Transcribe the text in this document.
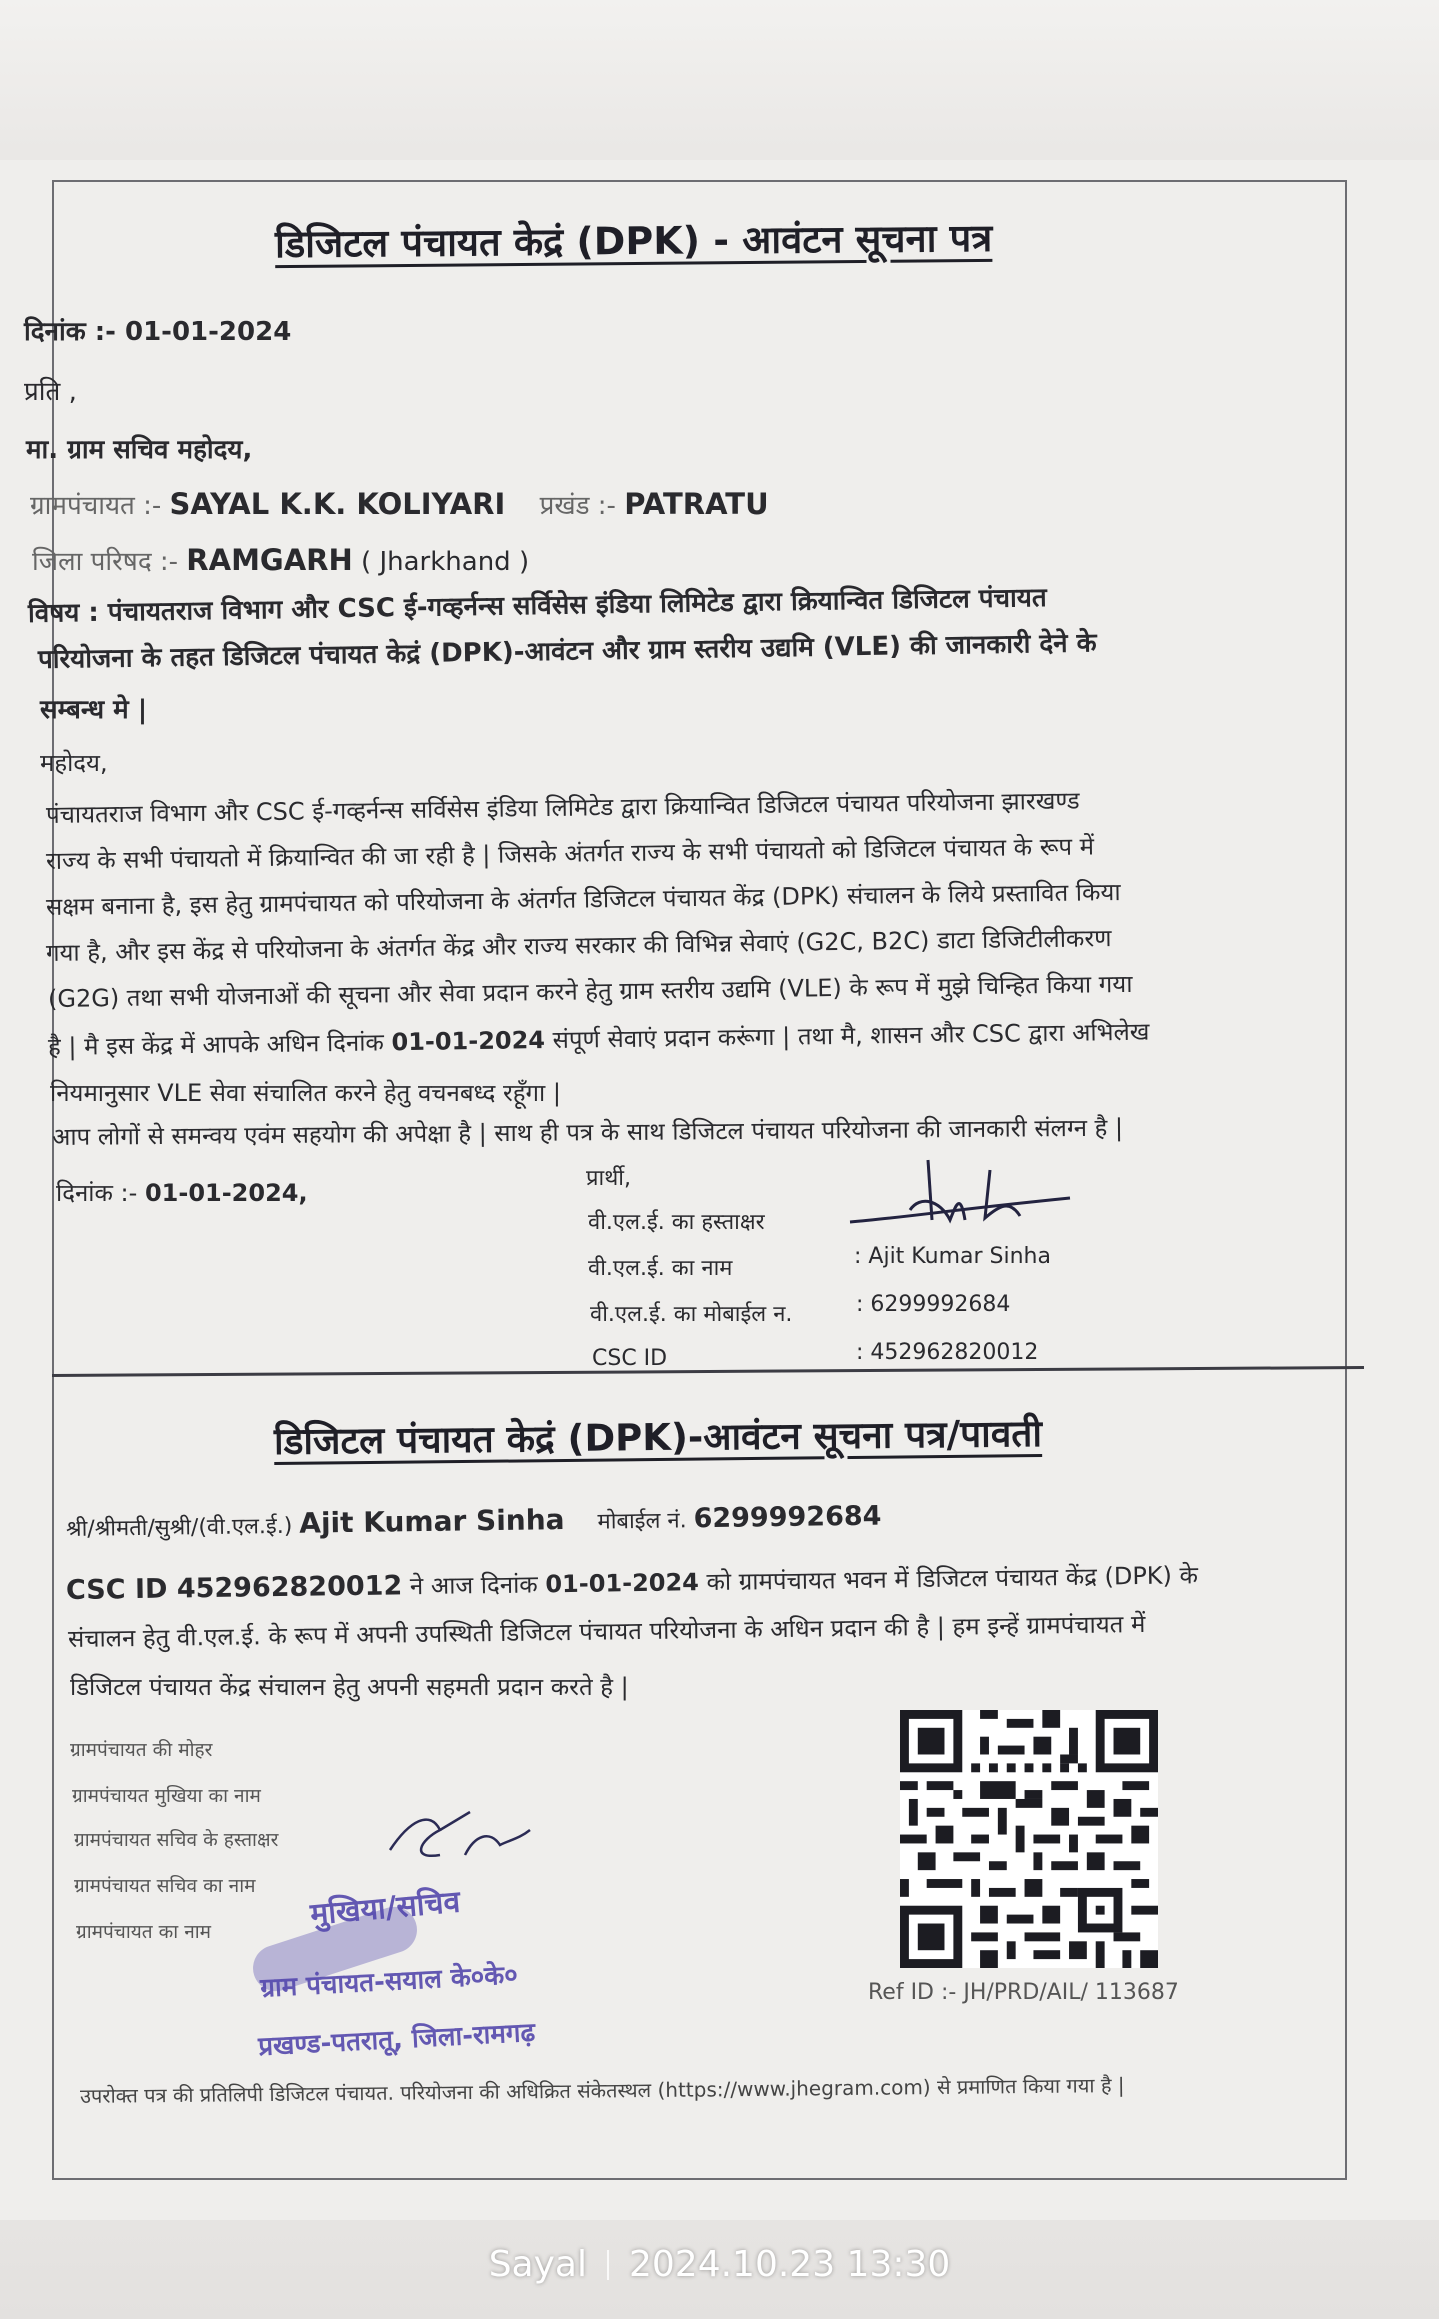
डिजिटल पंचायत केद्रं (DPK) - आवंटन सूचना पत्र
दिनांक :- 01-01-2024
प्रति ,
मा. ग्राम सचिव महोदय,
ग्रामपंचायत :- SAYAL K.K. KOLIYARI प्रखंड :- PATRATU
जिला परिषद :- RAMGARH ( Jharkhand )
विषय : पंचायतराज विभाग और CSC ई-गव्हर्नन्स सर्विसेस इंडिया लिमिटेड द्वारा क्रियान्वित डिजिटल पंचायत
परियोजना के तहत डिजिटल पंचायत केद्रं (DPK)-आवंटन और ग्राम स्तरीय उद्यमि (VLE) की जानकारी देने के
सम्बन्ध मे |
महोदय,
पंचायतराज विभाग और CSC ई-गव्हर्नन्स सर्विसेस इंडिया लिमिटेड द्वारा क्रियान्वित डिजिटल पंचायत परियोजना झारखण्ड
राज्य के सभी पंचायतो में क्रियान्वित की जा रही है | जिसके अंतर्गत राज्य के सभी पंचायतो को डिजिटल पंचायत के रूप में
सक्षम बनाना है, इस हेतु ग्रामपंचायत को परियोजना के अंतर्गत डिजिटल पंचायत केंद्र (DPK) संचालन के लिये प्रस्तावित किया
गया है, और इस केंद्र से परियोजना के अंतर्गत केंद्र और राज्य सरकार की विभिन्न सेवाएं (G2C, B2C) डाटा डिजिटीलीकरण
(G2G) तथा सभी योजनाओं की सूचना और सेवा प्रदान करने हेतु ग्राम स्तरीय उद्यमि (VLE) के रूप में मुझे चिन्हित किया गया
है | मै इस केंद्र में आपके अधिन दिनांक 01-01-2024 संपूर्ण सेवाएं प्रदान करूंगा | तथा मै, शासन और CSC द्वारा अभिलेख
नियमानुसार VLE सेवा संचालित करने हेतु वचनबध्द रहूँगा |
आप लोगों से समन्वय एवंम सहयोग की अपेक्षा है | साथ ही पत्र के साथ डिजिटल पंचायत परियोजना की जानकारी संलग्न है |
दिनांक :- 01-01-2024,
प्रार्थी,
वी.एल.ई. का हस्ताक्षर
वी.एल.ई. का नाम
वी.एल.ई. का मोबाईल न.
CSC ID
: Ajit Kumar Sinha
: 6299992684
: 452962820012
डिजिटल पंचायत केद्रं (DPK)-आवंटन सूचना पत्र/पावती
श्री/श्रीमती/सुश्री/(वी.एल.ई.) Ajit Kumar Sinha मोबाईल नं. 6299992684
CSC ID 452962820012 ने आज दिनांक 01-01-2024 को ग्रामपंचायत भवन में डिजिटल पंचायत केंद्र (DPK) के
संचालन हेतु वी.एल.ई. के रूप में अपनी उपस्थिती डिजिटल पंचायत परियोजना के अधिन प्रदान की है | हम इन्हें ग्रामपंचायत में
डिजिटल पंचायत केंद्र संचालन हेतु अपनी सहमती प्रदान करते है |
ग्रामपंचायत की मोहर
ग्रामपंचायत मुखिया का नाम
ग्रामपंचायत सचिव के हस्ताक्षर
ग्रामपंचायत सचिव का नाम
ग्रामपंचायत का नाम	मुखिया/सचिव
ग्राम पंचायत-सयाल के०के०
प्रखण्ड-पतरातू, जिला-रामगढ़
Ref ID :- JH/PRD/AIL/ 113687
उपरोक्त पत्र की प्रतिलिपी डिजिटल पंचायत. परियोजना की अधिक्रित संकेतस्थल (https://www.jhegram.com) से प्रमाणित किया गया है |
Sayal 2024.10.23 13:30
